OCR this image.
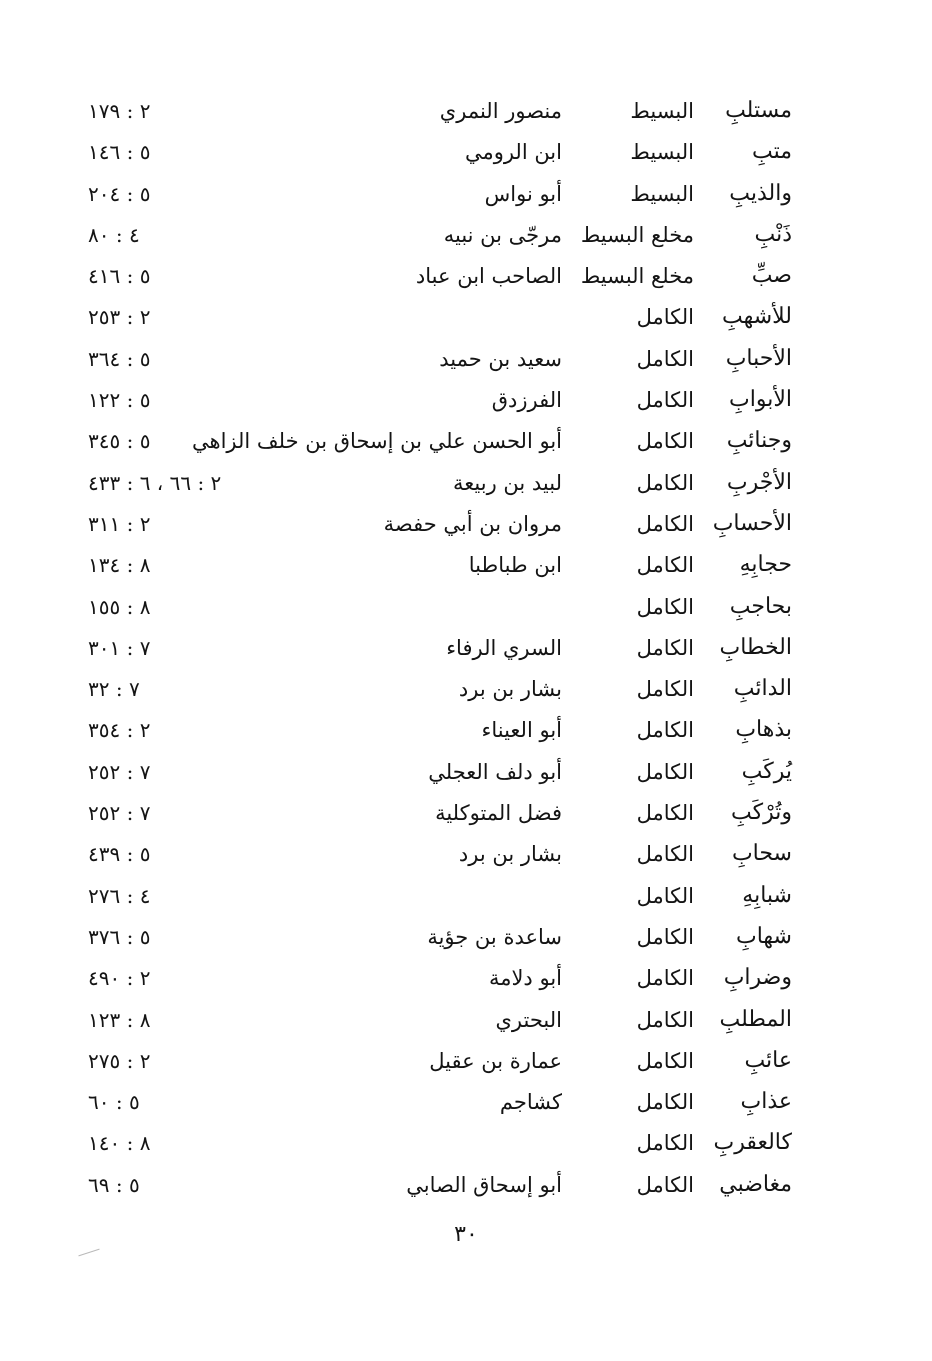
مستلبِ
البسيط
منصور النمري
٢ : ١٧٩
متبِ
البسيط
ابن الرومي
٥ : ١٤٦
والذيبِ
البسيط
أبو نواس
٥ : ٢٠٤
ذَنْبِ
مخلع البسيط
مرجّى بن نبيه
٤ : ٨٠
صبِّ
مخلع البسيط
الصاحب ابن عباد
٥ : ٤١٦
للأشهبِ
الكامل
٢ : ٢٥٣
الأحبابِ
الكامل
سعيد بن حميد
٥ : ٣٦٤
الأبوابِ
الكامل
الفرزدق
٥ : ١٢٢
وجنائبِ
الكامل
أبو الحسن علي بن إسحاق بن خلف الزاهي
٥ : ٣٤٥
الأجْربِ
الكامل
لبيد بن ربيعة
٢ : ٦٦ ، ٦ : ٤٣٣
الأحسابِ
الكامل
مروان بن أبي حفصة
٢ : ٣١١
حجابِهِ
الكامل
ابن طباطبا
٨ : ١٣٤
بحاجبِ
الكامل
٨ : ١٥٥
الخطابِ
الكامل
السري الرفاء
٧ : ٣٠١
الدائبِ
الكامل
بشار بن برد
٧ : ٣٢
بذهابِ
الكامل
أبو العيناء
٢ : ٣٥٤
يُركَبِ
الكامل
أبو دلف العجلي
٧ : ٢٥٢
وتُرْكَبِ
الكامل
فضل المتوكلية
٧ : ٢٥٢
سحابِ
الكامل
بشار بن برد
٥ : ٤٣٩
شبابِهِ
الكامل
٤ : ٢٧٦
شهابِ
الكامل
ساعدة بن جؤية
٥ : ٣٧٦
وضرابِ
الكامل
أبو دلامة
٢ : ٤٩٠
المطلبِ
الكامل
البحتري
٨ : ١٢٣
عائبِ
الكامل
عمارة بن عقيل
٢ : ٢٧٥
عذابِ
الكامل
كشاجم
٥ : ٦٠
كالعقربِ
الكامل
٨ : ١٤٠
مغاضبي
الكامل
أبو إسحاق الصابي
٥ : ٦٩
٣٠
